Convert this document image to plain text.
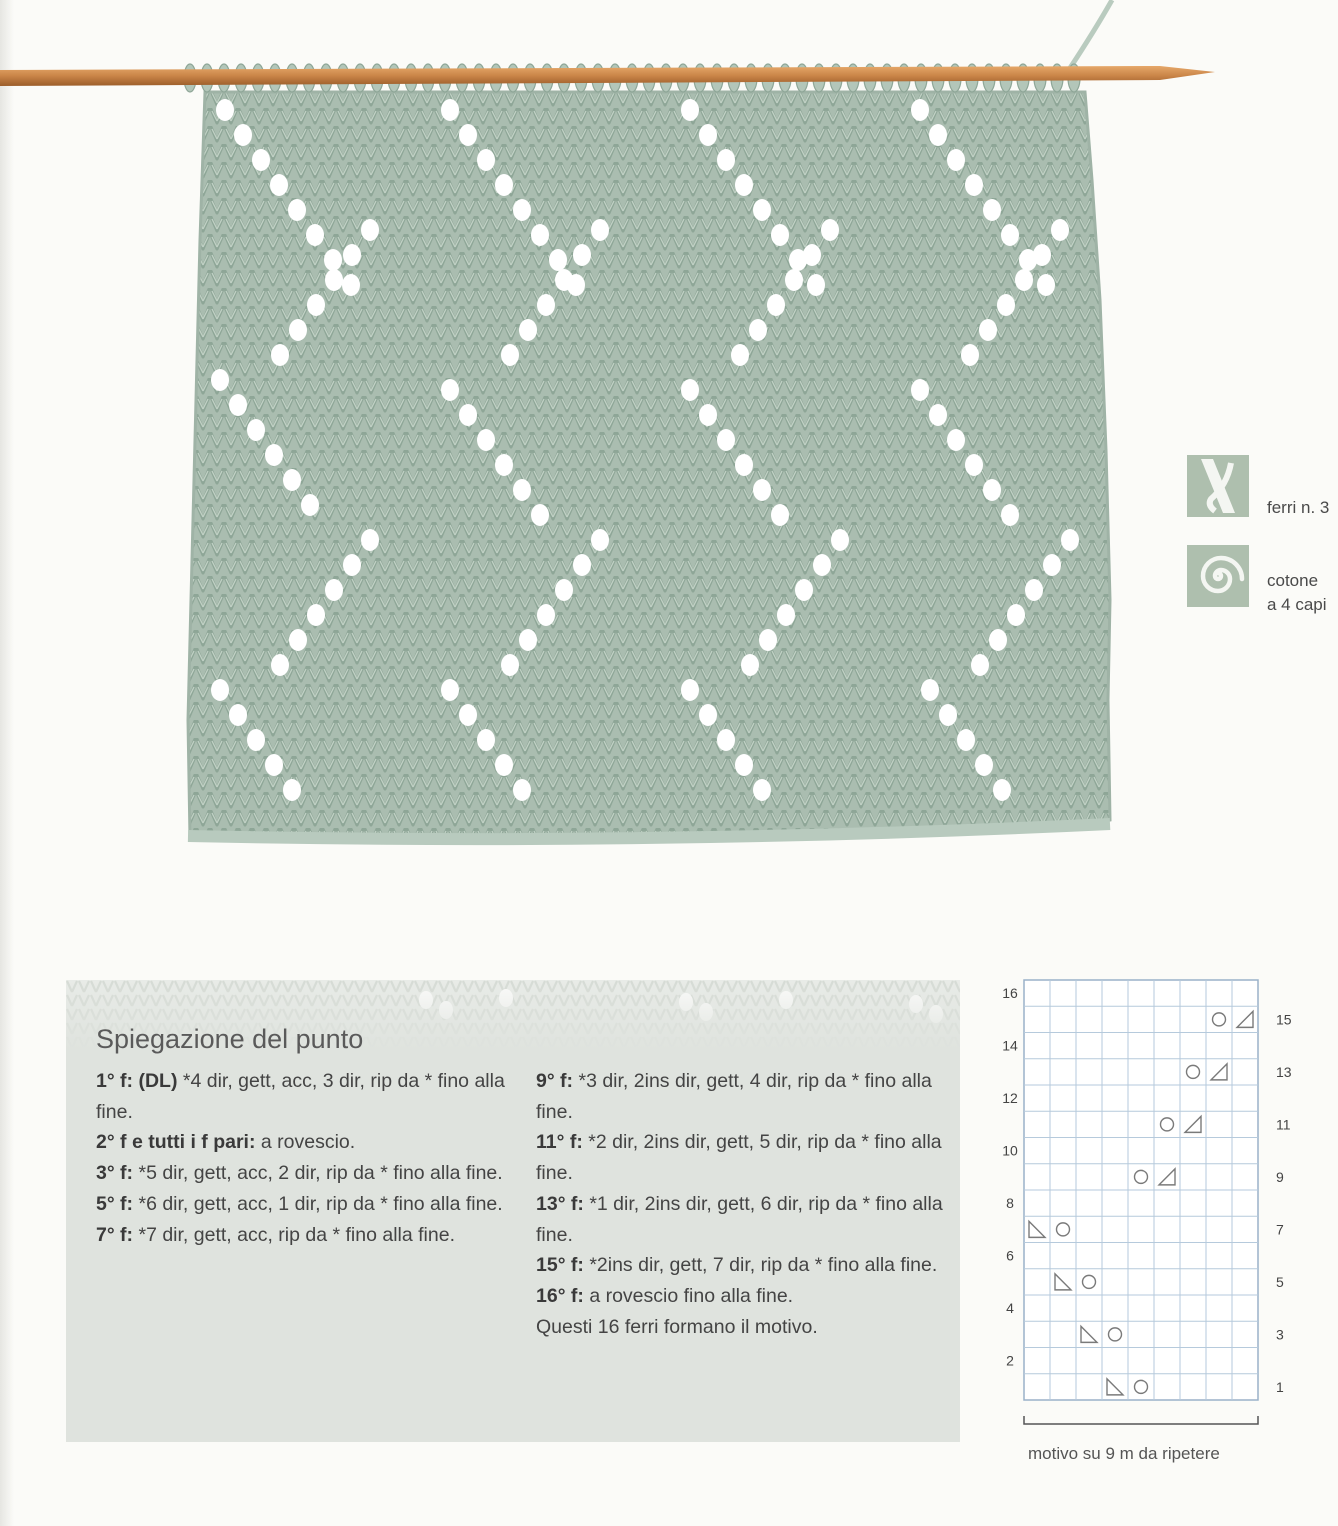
ferri n. 3
cotone
a 4 capi
Spiegazione del punto

1° f: (DL) *4 dir, gett, acc, 3 dir, rip da * fino alla fine.

2° f e tutti i f pari: a rovescio.

3° f: *5 dir, gett, acc, 2 dir, rip da * fino alla fine.

5° f: *6 dir, gett, acc, 1 dir, rip da * fino alla fine.

7° f: *7 dir, gett, acc, rip da * fino alla fine.

9° f: *3 dir, 2ins dir, gett, 4 dir, rip da * fino alla fine.

11° f: *2 dir, 2ins dir, gett, 5 dir, rip da * fino alla fine.

13° f: *1 dir, 2ins dir, gett, 6 dir, rip da * fino alla fine.

15° f: *2ins dir, gett, 7 dir, rip da * fino alla fine.

16° f: a rovescio fino alla fine.

Questi 16 ferri formano il motivo.

16
14
12
10
8
6
4
2
15
13
11
9
7
5
3
1
motivo su 9 m da ripetere
